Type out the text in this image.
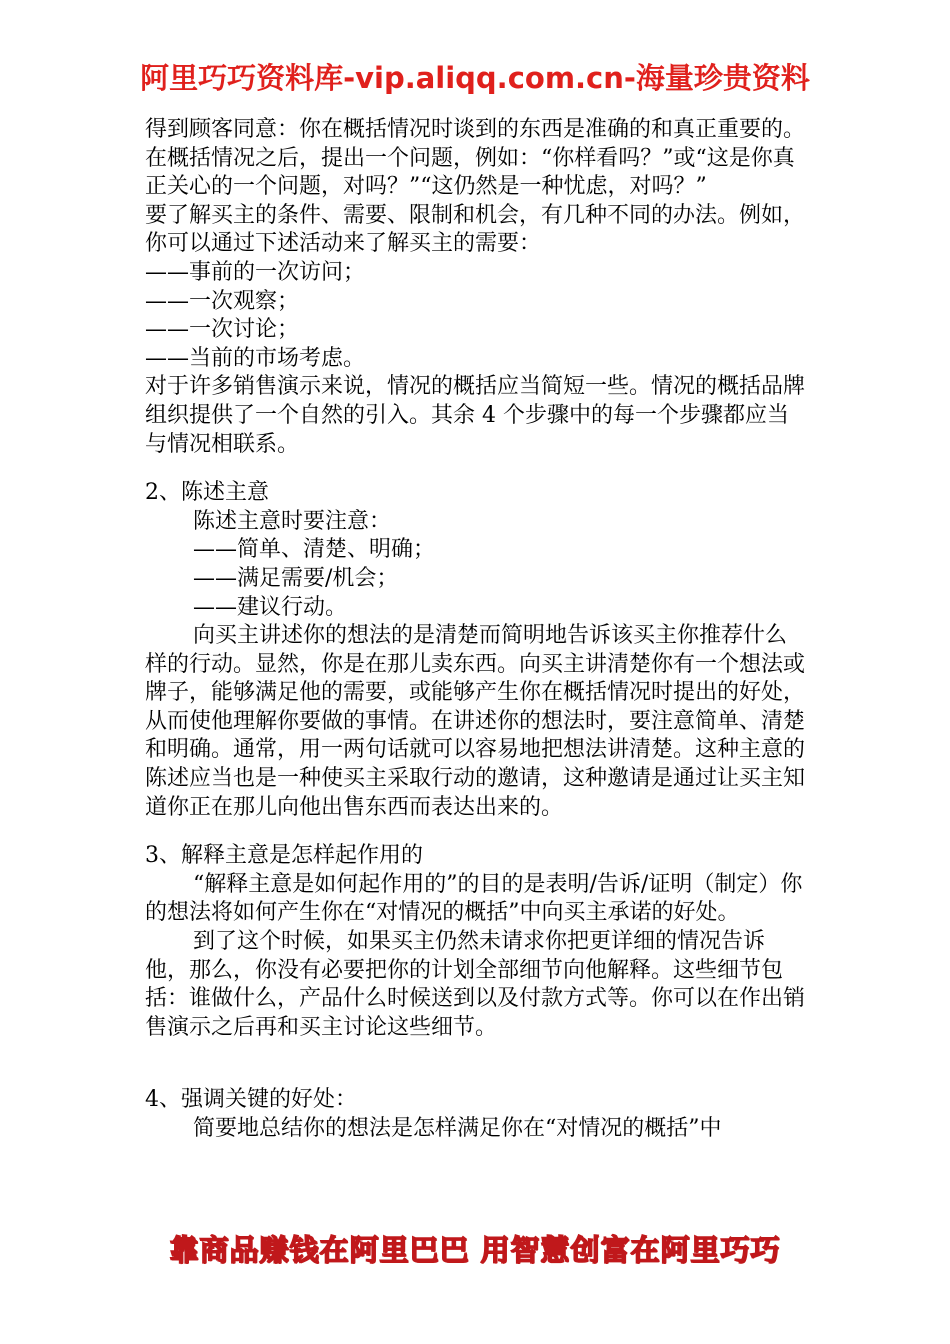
阿里巧巧资料库-vip.aliqq.com.cn-海量珍贵资料

得到顾客同意：你在概括情况时谈到的东西是准确的和真正重要的。

在概括情况之后，提出一个问题，例如：“你样看吗？”或“这是你真正关心的一个问题，对吗？”“这仍然是一种忧虑，对吗？”

要了解买主的条件、需要、限制和机会，有几种不同的办法。例如，你可以通过下述活动来了解买主的需要：

——事前的一次访问；

——一次观察；

——一次讨论；

——当前的市场考虑。

对于许多销售演示来说，情况的概括应当简短一些。情况的概括品牌组织提供了一个自然的引入。其余 4 个步骤中的每一个步骤都应当与情况相联系。

2、陈述主意

陈述主意时要注意：

——简单、清楚、明确；

——满足需要/机会；

——建议行动。

向买主讲述你的想法的是清楚而简明地告诉该买主你推荐什么样的行动。显然，你是在那儿卖东西。向买主讲清楚你有一个想法或牌子，能够满足他的需要，或能够产生你在概括情况时提出的好处，从而使他理解你要做的事情。在讲述你的想法时，要注意简单、清楚和明确。通常，用一两句话就可以容易地把想法讲清楚。这种主意的陈述应当也是一种使买主采取行动的邀请，这种邀请是通过让买主知道你正在那儿向他出售东西而表达出来的。

3、解释主意是怎样起作用的

“解释主意是如何起作用的”的目的是表明/告诉/证明（制定）你的想法将如何产生你在“对情况的概括”中向买主承诺的好处。

到了这个时候，如果买主仍然未请求你把更详细的情况告诉他，那么，你没有必要把你的计划全部细节向他解释。这些细节包括：谁做什么，产品什么时候送到以及付款方式等。你可以在作出销售演示之后再和买主讨论这些细节。

4、强调关键的好处：

简要地总结你的想法是怎样满足你在“对情况的概括”中

靠商品赚钱在阿里巴巴 用智慧创富在阿里巧巧
